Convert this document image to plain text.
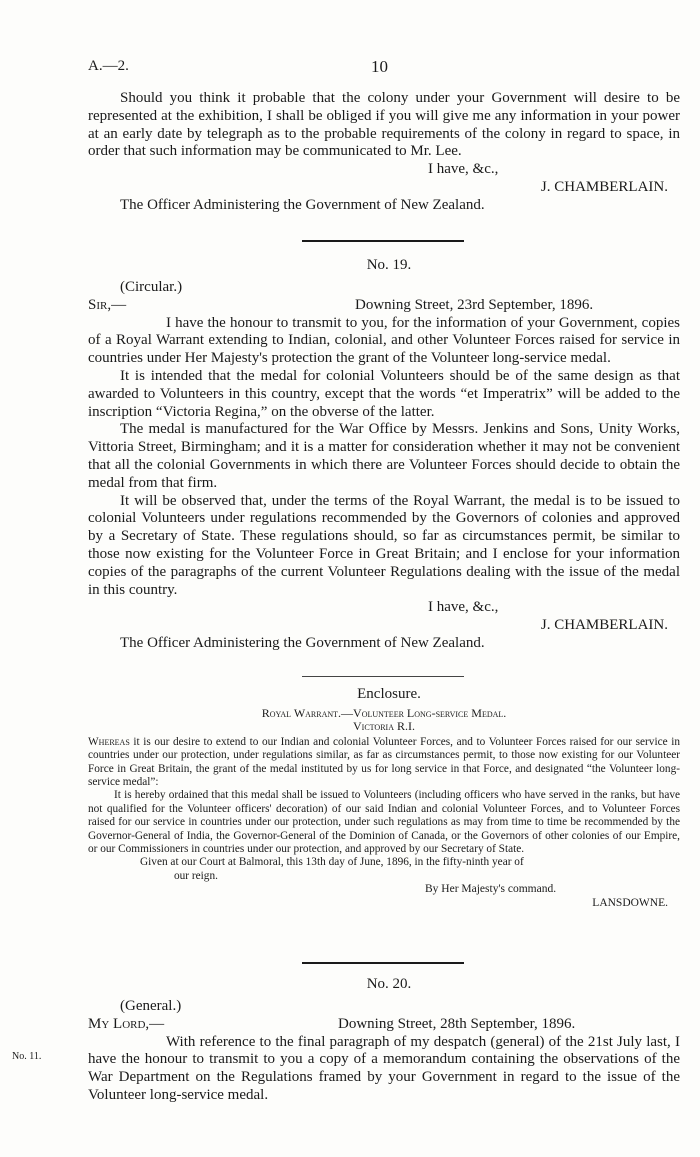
A.—2.	10

Should you think it probable that the colony under your Government will desire to be represented at the exhibition, I shall be obliged if you will give me any information in your power at an early date by telegraph as to the probable requirements of the colony in regard to space, in order that such information may be communicated to Mr. Lee.

I have, &c.,

J. CHAMBERLAIN.

The Officer Administering the Government of New Zealand.

No. 19.

(Circular.)

Sir,—	Downing Street, 23rd September, 1896.

I have the honour to transmit to you, for the information of your Government, copies of a Royal Warrant extending to Indian, colonial, and other Volunteer Forces raised for service in countries under Her Majesty's protection the grant of the Volunteer long-service medal.

It is intended that the medal for colonial Volunteers should be of the same design as that awarded to Volunteers in this country, except that the words “et Imperatrix” will be added to the inscription “Victoria Regina,” on the obverse of the latter.

The medal is manufactured for the War Office by Messrs. Jenkins and Sons, Unity Works, Vittoria Street, Birmingham; and it is a matter for consideration whether it may not be convenient that all the colonial Governments in which there are Volunteer Forces should decide to obtain the medal from that firm.

It will be observed that, under the terms of the Royal Warrant, the medal is to be issued to colonial Volunteers under regulations recommended by the Governors of colonies and approved by a Secretary of State. These regulations should, so far as circumstances permit, be similar to those now existing for the Volunteer Force in Great Britain; and I enclose for your information copies of the paragraphs of the current Volunteer Regulations dealing with the issue of the medal in this country.

I have, &c.,

J. CHAMBERLAIN.

The Officer Administering the Government of New Zealand.

Enclosure.

Royal Warrant.—Volunteer Long-service Medal.

Victoria R.I.

Whereas it is our desire to extend to our Indian and colonial Volunteer Forces, and to Volunteer Forces raised for our service in countries under our protection, under regulations similar, as far as circumstances permit, to those now existing for our Volunteer Force in Great Britain, the grant of the medal instituted by us for long service in that Force, and designated “the Volunteer long-service medal”:

It is hereby ordained that this medal shall be issued to Volunteers (including officers who have served in the ranks, but have not qualified for the Volunteer officers' decoration) of our said Indian and colonial Volunteer Forces, and to Volunteer Forces raised for our service in countries under our protection, under such regulations as may from time to time be recommended by the Governor-General of India, the Governor-General of the Dominion of Canada, or the Governors of other colonies of our Empire, or our Commissioners in countries under our protection, and approved by our Secretary of State.

Given at our Court at Balmoral, this 13th day of June, 1896, in the fifty-ninth year of

our reign.

By Her Majesty's command.

LANSDOWNE.

No. 20.

(General.)

My Lord,—	Downing Street, 28th September, 1896.

With reference to the final paragraph of my despatch (general) of the 21st July last, I have the honour to transmit to you a copy of a memorandum containing the observations of the War Department on the Regulations framed by your Government in regard to the issue of the Volunteer long-service medal.

No. 11.
